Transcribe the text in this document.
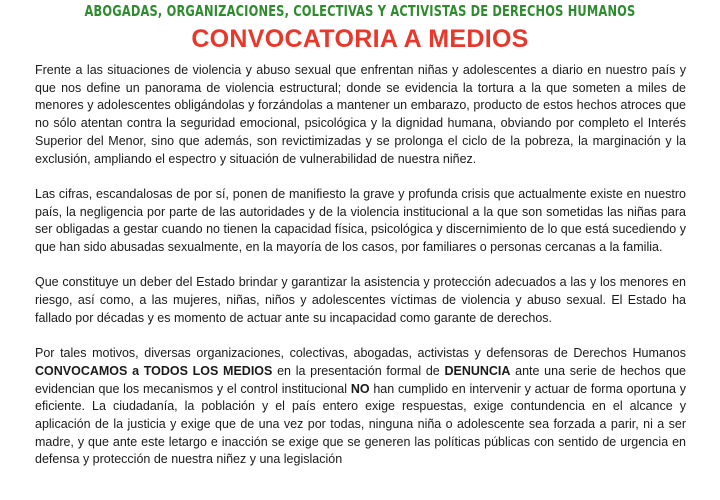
ABOGADAS, ORGANIZACIONES, COLECTIVAS Y ACTIVISTAS DE DERECHOS HUMANOS
CONVOCATORIA A MEDIOS

Frente a las situaciones de violencia y abuso sexual que enfrentan niñas y adolescentes a diario en nuestro país y que nos define un panorama de violencia estructural; donde se evidencia la tortura a la que someten a miles de menores y adolescentes obligándolas y forzándolas a mantener un embarazo, producto de estos hechos atroces que no sólo atentan contra la seguridad emocional, psicológica y la dignidad humana, obviando por completo el Interés Superior del Menor, sino que además, son revictimizadas y se prolonga el ciclo de la pobreza, la marginación y la exclusión, ampliando el espectro y situación de vulnerabilidad de nuestra niñez.

Las cifras, escandalosas de por sí, ponen de manifiesto la grave y profunda crisis que actualmente existe en nuestro país, la negligencia por parte de las autoridades y de la violencia institucional a la que son sometidas las niñas para ser obligadas a gestar cuando no tienen la capacidad física, psicológica y discernimiento de lo que está sucediendo y que han sido abusadas sexualmente, en la mayoría de los casos, por familiares o personas cercanas a la familia.

Que constituye un deber del Estado brindar y garantizar la asistencia y protección adecuados a las y los menores en riesgo, así como, a las mujeres, niñas, niños y adolescentes víctimas de violencia y abuso sexual. El Estado ha fallado por décadas y es momento de actuar ante su incapacidad como garante de derechos.

Por tales motivos, diversas organizaciones, colectivas, abogadas, activistas y defensoras de Derechos Humanos CONVOCAMOS a TODOS LOS MEDIOS en la presentación formal de DENUNCIA ante una serie de hechos que evidencian que los mecanismos y el control institucional NO han cumplido en intervenir y actuar de forma oportuna y eficiente. La ciudadanía, la población y el país entero exige respuestas, exige contundencia en el alcance y aplicación de la justicia y exige que de una vez por todas, ninguna niña o adolescente sea forzada a parir, ni a ser madre, y que ante este letargo e inacción se exige que se generen las políticas públicas con sentido de urgencia en defensa y protección de nuestra niñez y una legislación
